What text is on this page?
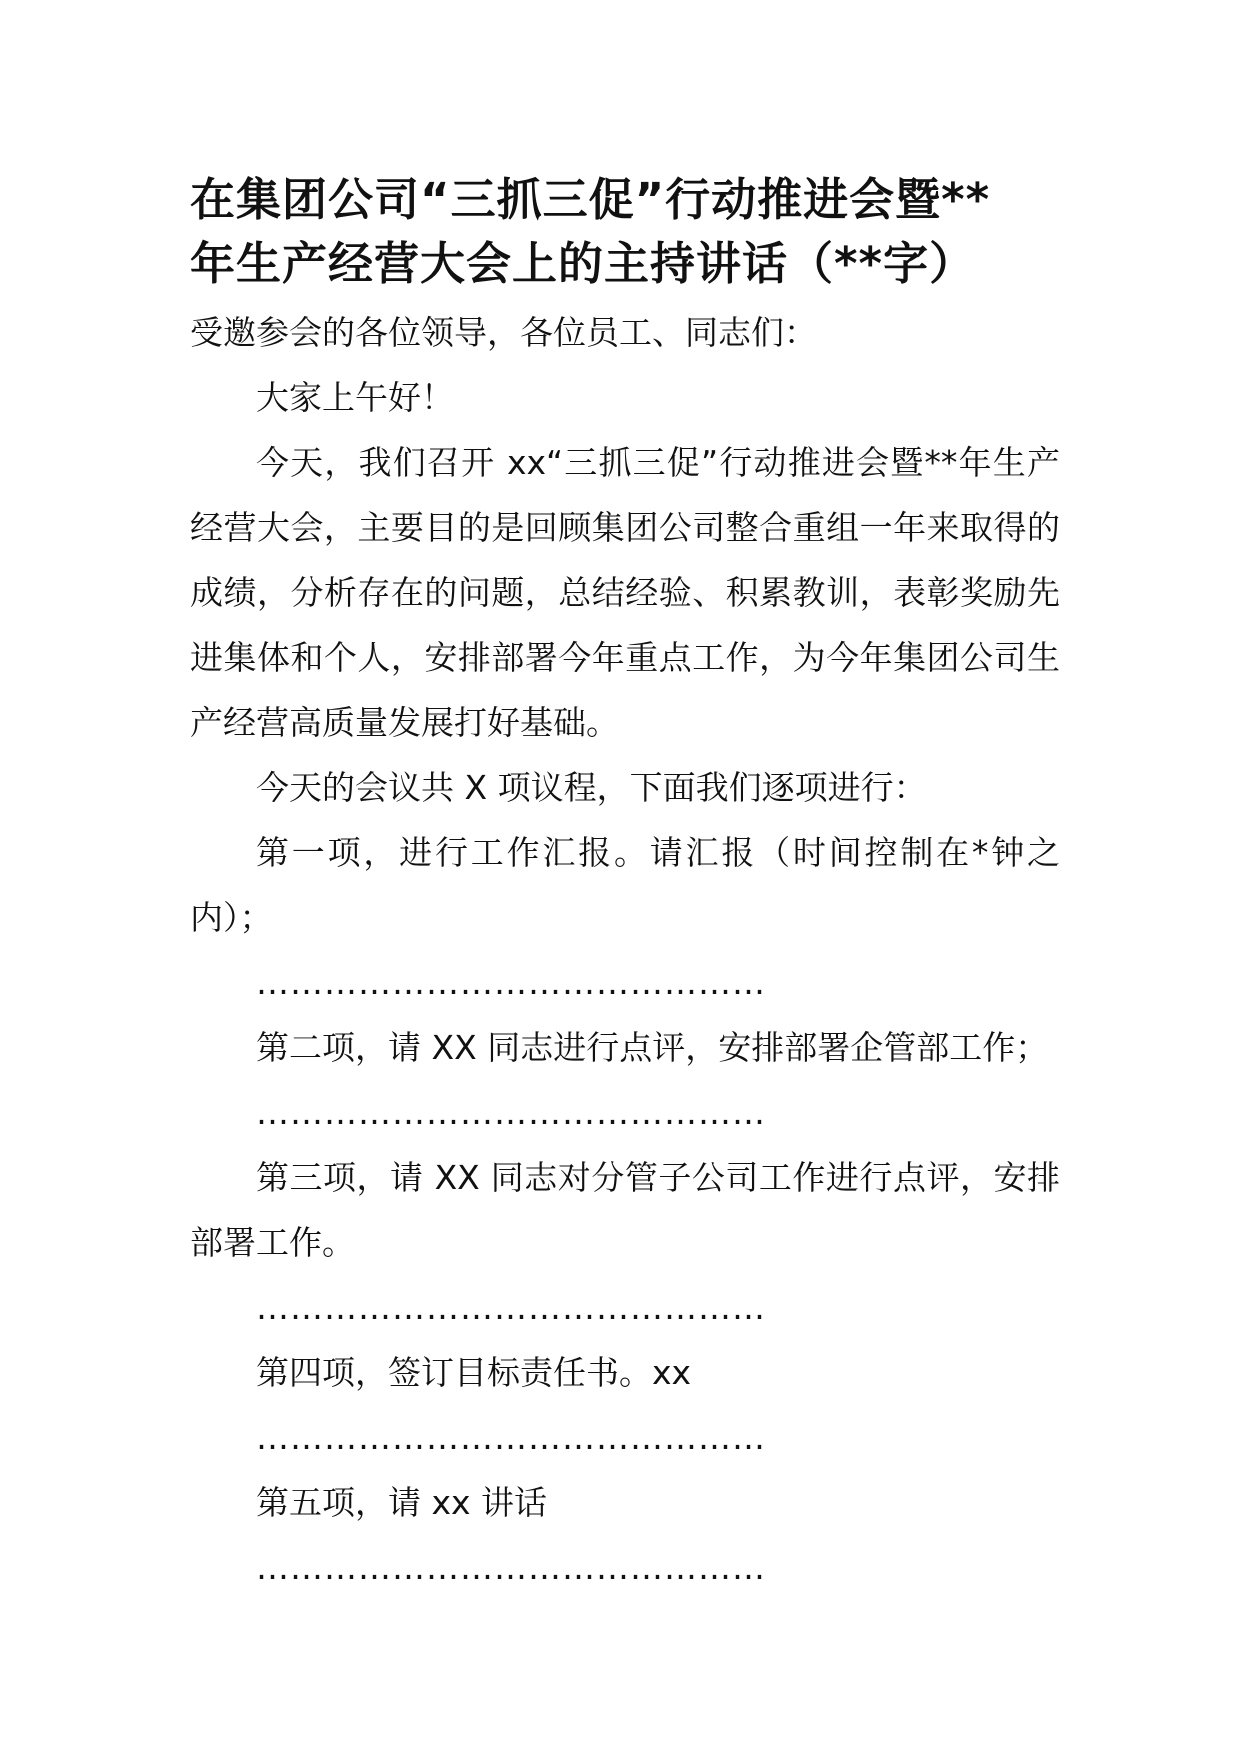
在集团公司“三抓三促”行动推进会暨**
年生产经营大会上的主持讲话（**字）

受邀参会的各位领导，各位员工、同志们：

大家上午好！

今天，我们召开 xx“三抓三促”行动推进会暨**年生产经营大会，主要目的是回顾集团公司整合重组一年来取得的成绩，分析存在的问题，总结经验、积累教训，表彰奖励先进集体和个人，安排部署今年重点工作，为今年集团公司生产经营高质量发展打好基础。

今天的会议共 X 项议程，下面我们逐项进行：

第一项，进行工作汇报。请汇报（时间控制在*钟之内）；

………………………………………

第二项，请 XX 同志进行点评，安排部署企管部工作；

………………………………………

第三项，请 XX 同志对分管子公司工作进行点评，安排部署工作。

………………………………………

第四项，签订目标责任书。xx

………………………………………

第五项，请 xx 讲话

………………………………………
